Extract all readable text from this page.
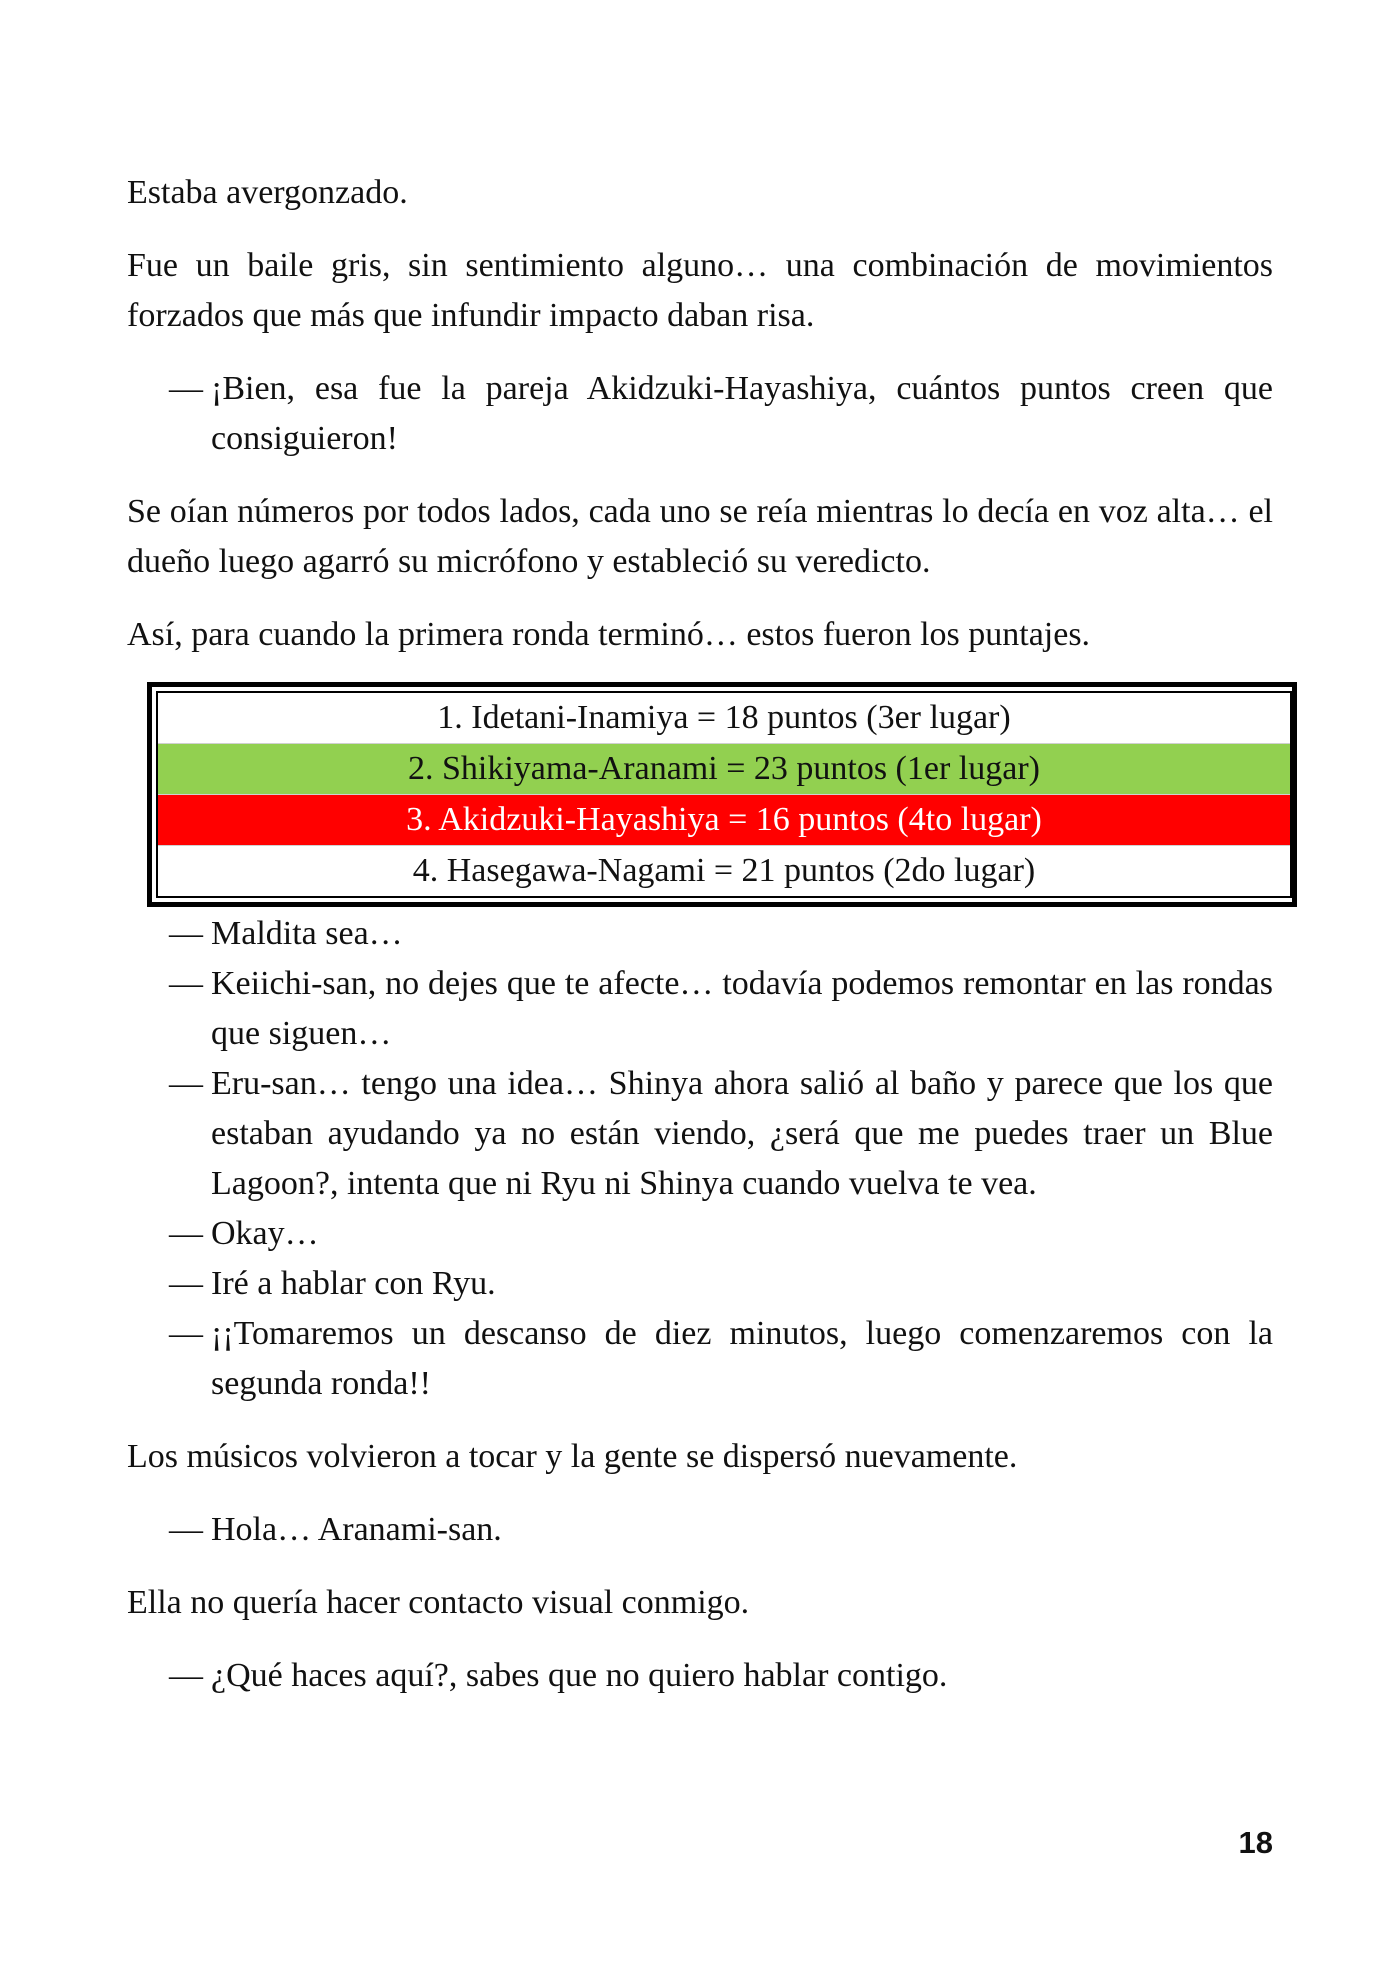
Estaba avergonzado.

Fue un baile gris, sin sentimiento alguno… una combinación de movimientos forzados que más que infundir impacto daban risa.

— ¡Bien, esa fue la pareja Akidzuki-Hayashiya, cuántos puntos creen que consiguieron!

Se oían números por todos lados, cada uno se reía mientras lo decía en voz alta… el dueño luego agarró su micrófono y estableció su veredicto.

Así, para cuando la primera ronda terminó… estos fueron los puntajes.

1. Idetani-Inamiya = 18 puntos (3er lugar)
2. Shikiyama-Aranami = 23 puntos (1er lugar)
3. Akidzuki-Hayashiya = 16 puntos (4to lugar)
4. Hasegawa-Nagami = 21 puntos (2do lugar)

— Maldita sea…

— Keiichi-san, no dejes que te afecte… todavía podemos remontar en las rondas que siguen…

— Eru-san… tengo una idea… Shinya ahora salió al baño y parece que los que estaban ayudando ya no están viendo, ¿será que me puedes traer un Blue Lagoon?, intenta que ni Ryu ni Shinya cuando vuelva te vea.

— Okay…

— Iré a hablar con Ryu.

— ¡¡Tomaremos un descanso de diez minutos, luego comenzaremos con la segunda ronda!!

Los músicos volvieron a tocar y la gente se dispersó nuevamente.

— Hola… Aranami-san.

Ella no quería hacer contacto visual conmigo.

— ¿Qué haces aquí?, sabes que no quiero hablar contigo.

18
